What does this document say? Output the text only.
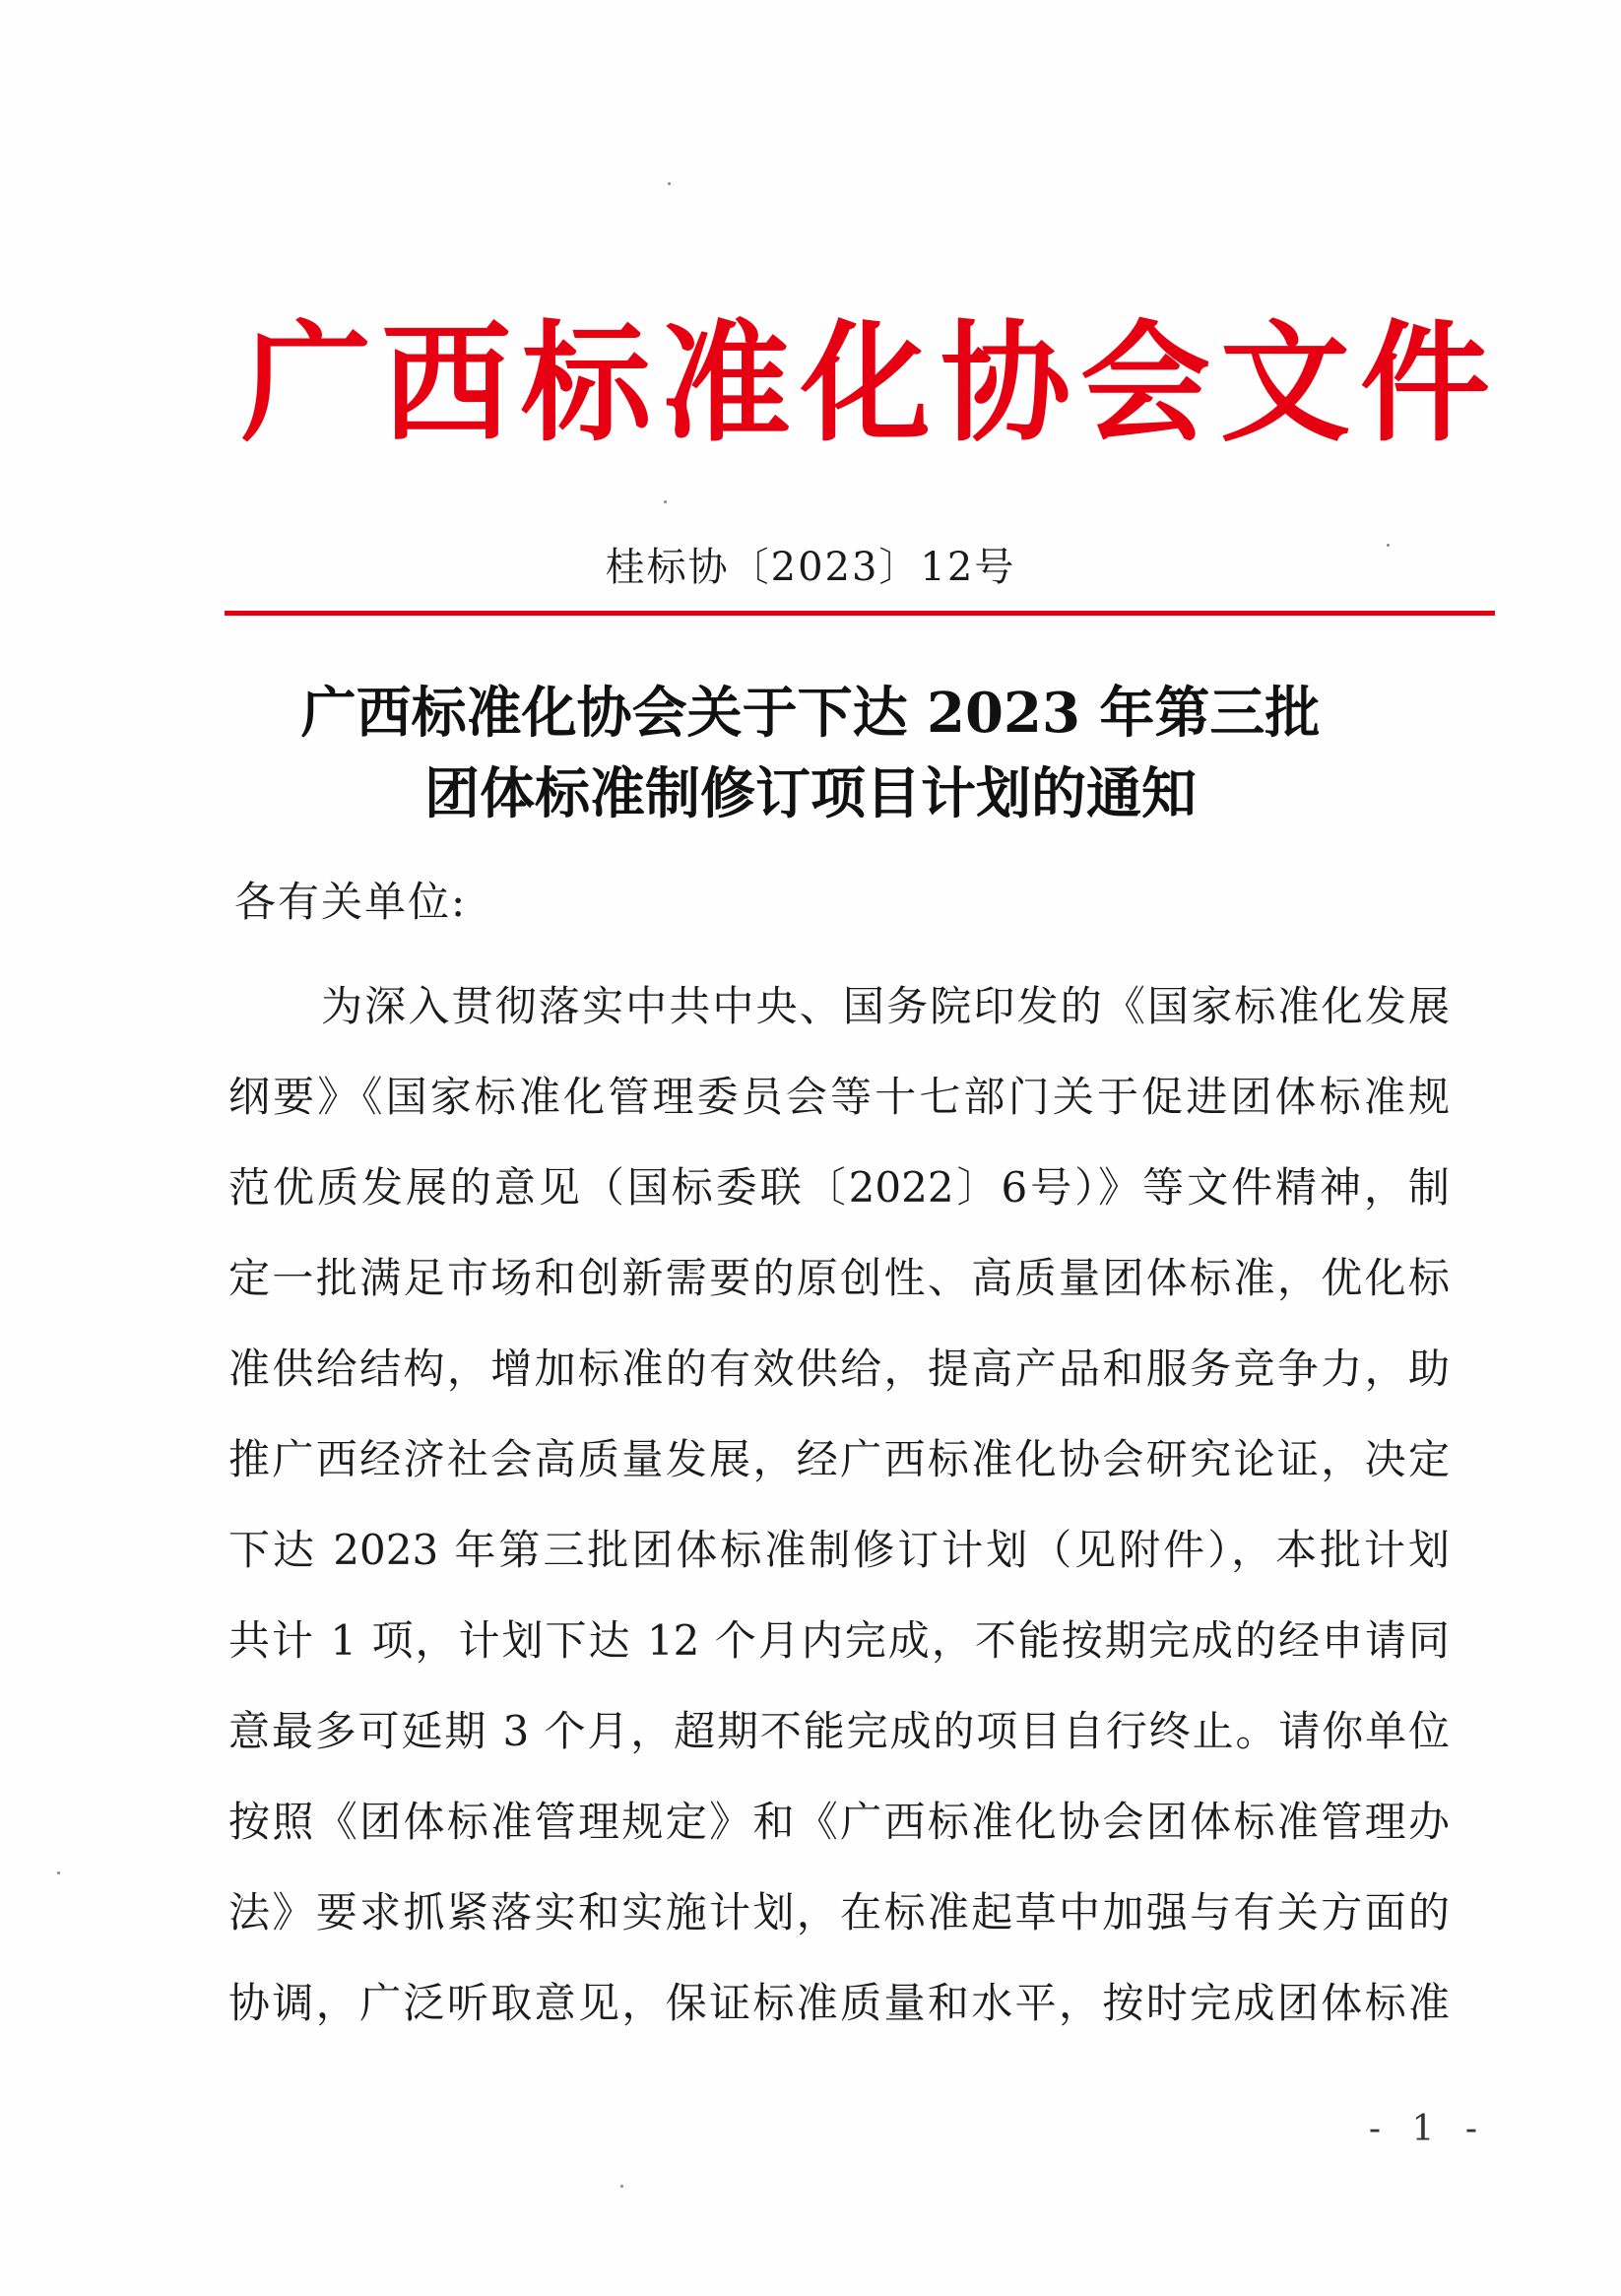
广西标准化协会文件
桂标协〔2023〕12号
广西标准化协会关于下达 2023 年第三批
团体标准制修订项目计划的通知
各有关单位:
为深入贯彻落实中共中央、国务院印发的《国家标准化发展
纲要》《国家标准化管理委员会等十七部门关于促进团体标准规
范优质发展的意见（国标委联〔2022〕6号）》等文件精神，制
定一批满足市场和创新需要的原创性、高质量团体标准，优化标
准供给结构，增加标准的有效供给，提高产品和服务竞争力，助
推广西经济社会高质量发展，经广西标准化协会研究论证，决定
下达 2023 年第三批团体标准制修订计划（见附件），本批计划
共计 1 项，计划下达 12 个月内完成，不能按期完成的经申请同
意最多可延期 3 个月，超期不能完成的项目自行终止。请你单位
按照《团体标准管理规定》和《广西标准化协会团体标准管理办
法》要求抓紧落实和实施计划，在标准起草中加强与有关方面的
协调，广泛听取意见，保证标准质量和水平，按时完成团体标准
- 1 -
